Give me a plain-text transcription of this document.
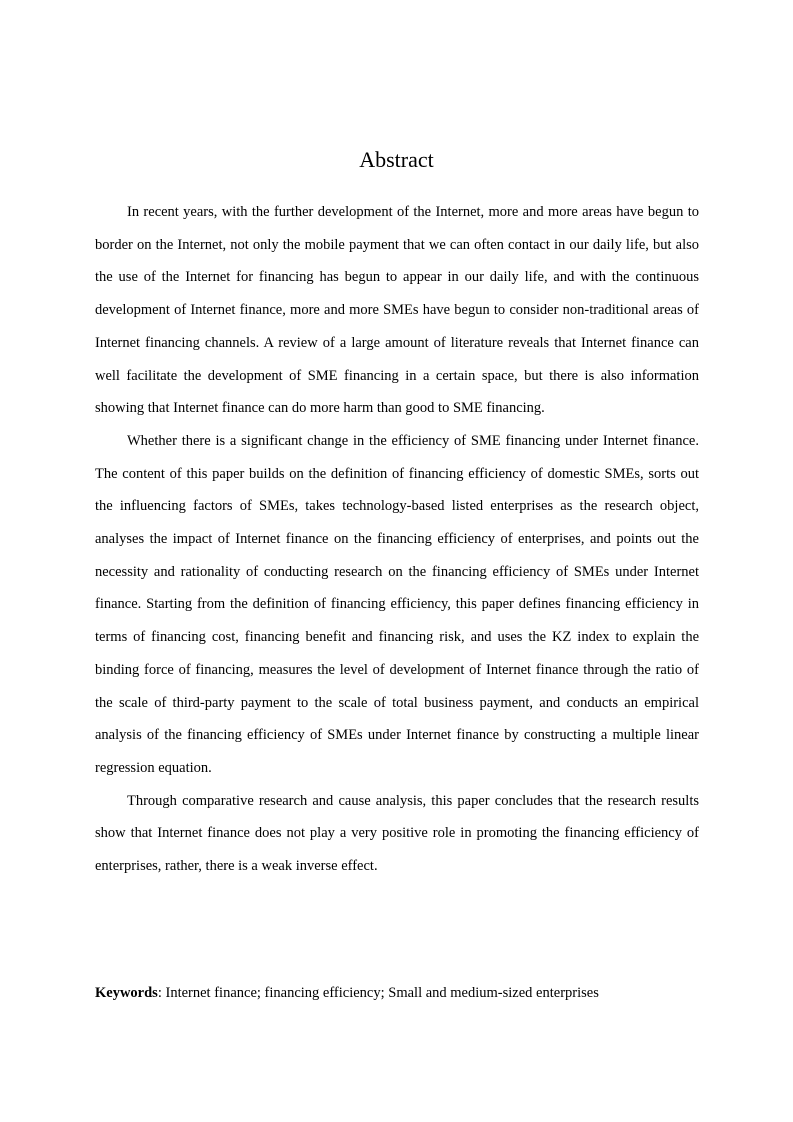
Abstract

In recent years, with the further development of the Internet, more and more areas have begun to border on the Internet, not only the mobile payment that we can often contact in our daily life, but also the use of the Internet for financing has begun to appear in our daily life, and with the continuous development of Internet finance, more and more SMEs have begun to consider non-traditional areas of Internet financing channels. A review of a large amount of literature reveals that Internet finance can well facilitate the development of SME financing in a certain space, but there is also information showing that Internet finance can do more harm than good to SME financing.

Whether there is a significant change in the efficiency of SME financing under Internet finance. The content of this paper builds on the definition of financing efficiency of domestic SMEs, sorts out the influencing factors of SMEs, takes technology-based listed enterprises as the research object, analyses the impact of Internet finance on the financing efficiency of enterprises, and points out the necessity and rationality of conducting research on the financing efficiency of SMEs under Internet finance. Starting from the definition of financing efficiency, this paper defines financing efficiency in terms of financing cost, financing benefit and financing risk, and uses the KZ index to explain the binding force of financing, measures the level of development of Internet finance through the ratio of the scale of third-party payment to the scale of total business payment, and conducts an empirical analysis of the financing efficiency of SMEs under Internet finance by constructing a multiple linear regression equation.

Through comparative research and cause analysis, this paper concludes that the research results show that Internet finance does not play a very positive role in promoting the financing efficiency of enterprises, rather, there is a weak inverse effect.

Keywords: Internet finance; financing efficiency; Small and medium-sized enterprises
